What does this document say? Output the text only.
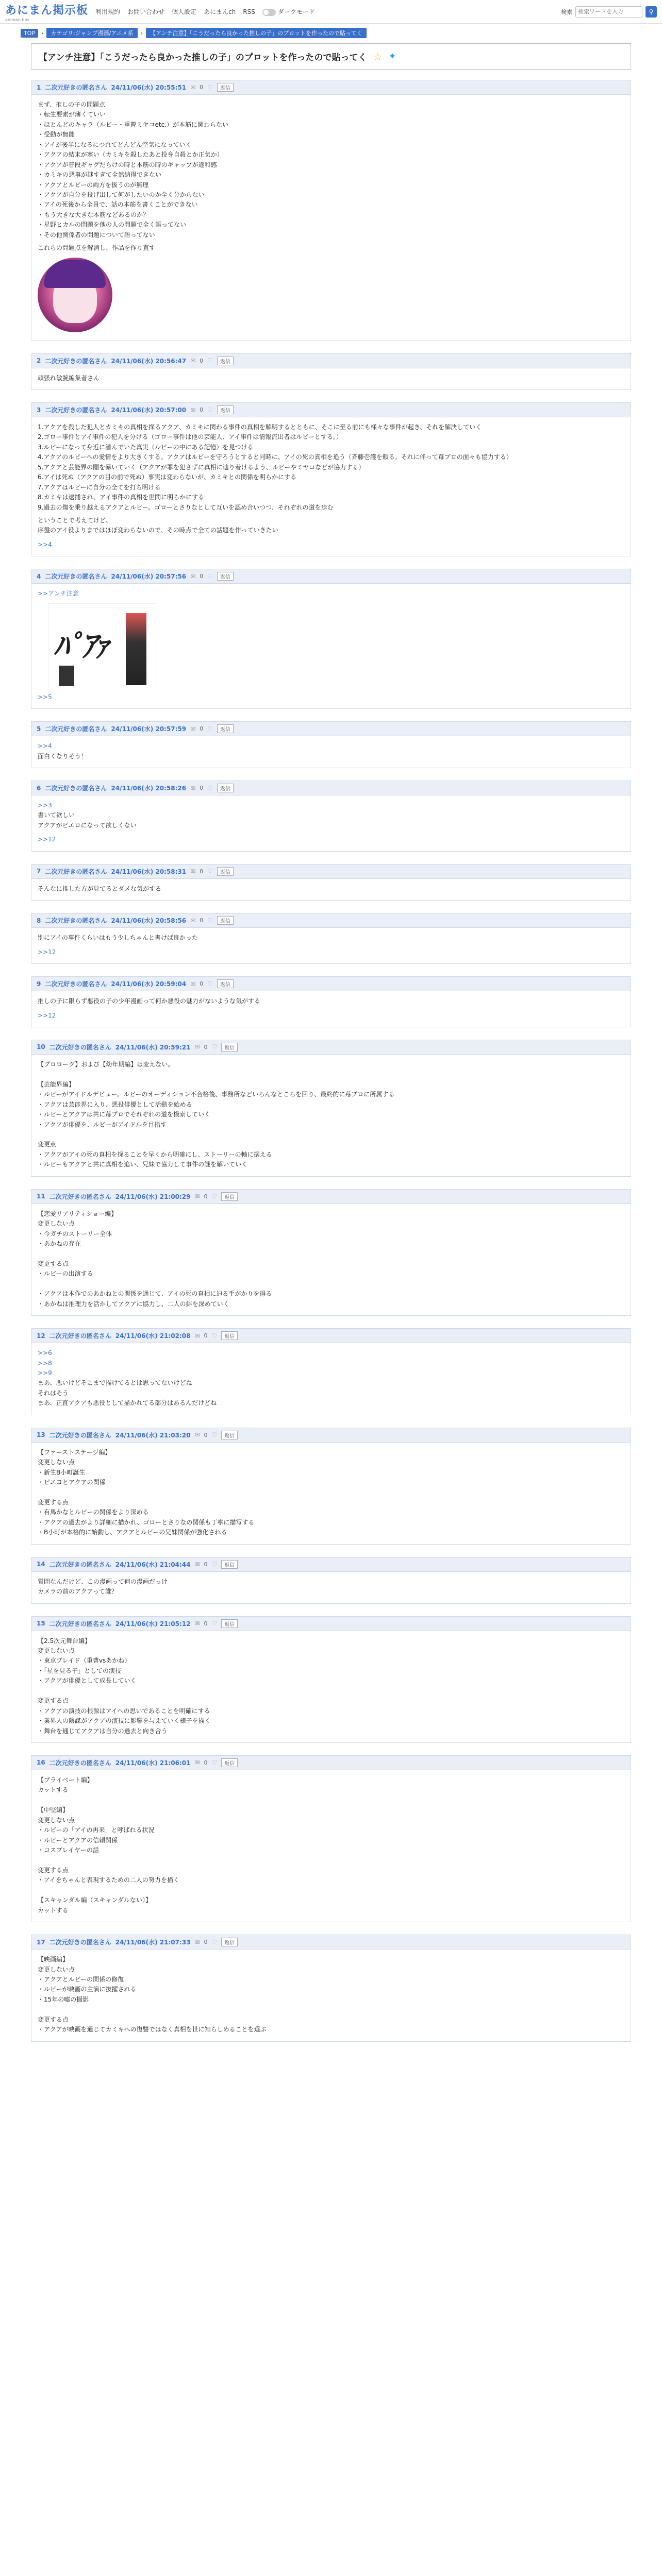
あにまん掲示板
animan bbs
利用規約 お問い合わせ 個人設定 あにまんch RSS	ダークモード	検索
検索ワードを入力	⚲
TOP	›	カテゴリ:ジャンプ漫画/アニメ系	›	【アンチ注意】「こうだったら良かった推しの子」のプロットを作ったので貼ってく
【アンチ注意】「こうだったら良かった推しの子」のプロットを作ったので貼ってく ☆ ✦
1 二次元好きの匿名さん 24/11/06(水) 20:55:51 ✉ 0 ♡	返信
まず、推しの子の問題点
・転生要素が薄くていい
・ほとんどのキャラ（ルビー・重曹ミヤコetc.）が本筋に関わらない
・受動が無能
・アイが後半になるにつれてどんどん空気になっていく
・アクアの結末が寒い（カミキを殺したあと投身自殺とか正気か）
・アクアが普段ギャグだらけの時と本筋の時のギャップが違和感
・カミキの悪事が謎すぎて全然納得できない
・アクアとルビーの両方を扱うのが無理
・アクアが自分を投げ出して何がしたいのか全く分からない
・アイの死後から全員で、話の本筋を書くことができない
・もう大きな大きな本筋などあるのか？
・星野ヒカルの問題を他の人の問題で全く語ってない
・その他関係者の問題について語ってない
これらの問題点を解消し、作品を作り直す
2 二次元好きの匿名さん 24/11/06(水) 20:56:47 ✉ 0 ♡	返信
頑張れ敏腕編集者さん
3 二次元好きの匿名さん 24/11/06(水) 20:57:00 ✉ 0 ♡	返信
1.アクアを殺した犯人とカミキの真相を探るアクア、カミキに関わる事件の真相を解明するとともに、そこに至る前にも様々な事件が起き、それを解決していく
2.ゴロー事件とアイ事件の犯人を分ける（ゴロー事件は他の芸能人、アイ事件は情報流出者はルビーとする。）
3.ルビーになって身近に潜んでいた真実（ルビーの中にある記憶）を見つける
4.アクアのルビーへの愛情をより大きくする。アクアはルビーを守ろうとすると同時に、アイの死の真相を追う（斉藤壱護を頼る。それに伴って苺プロの面々も協力する）
5.アクアと芸能界の闇を暴いていく（アクアが罪を犯さずに真相に辿り着けるよう、ルビーやミヤコなどが協力する）
6.アイは死ぬ（アクアの目の前で死ぬ）事実は変わらないが、カミキとの関係を明らかにする
7.アクアはルビーに自分の全てを打ち明ける
8.カミキは逮捕され、アイ事件の真相を世間に明らかにする
9.過去の傷を乗り越えるアクアとルビー。ゴローとさりなとして互いを認め合いつつ、それぞれの道を歩む
ということで考えてけど、
序盤のアイ役よりまではほぼ変わらないので、その時点で全ての話題を作っていきたい
>>4
4 二次元好きの匿名さん 24/11/06(水) 20:57:56 ✉ 0 ♡	返信
>>アンチ注意
ﾊﾟｱｧ
>>5
5 二次元好きの匿名さん 24/11/06(水) 20:57:59 ✉ 0 ♡	返信
>>4
面白くなりそう！
6 二次元好きの匿名さん 24/11/06(水) 20:58:26 ✉ 0 ♡	返信
>>3
書いて欲しい
アクアがピエロになって欲しくない
>>12
7 二次元好きの匿名さん 24/11/06(水) 20:58:31 ✉ 0 ♡	返信
そんなに推した方が見てるとダメな気がする
8 二次元好きの匿名さん 24/11/06(水) 20:58:56 ✉ 0 ♡	返信
別にアイの事件くらいはもう少しちゃんと書けば良かった
>>12
9 二次元好きの匿名さん 24/11/06(水) 20:59:04 ✉ 0 ♡	返信
推しの子に限らず悪役の子の少年漫画って何か悪役の魅力がないような気がする
>>12
10 二次元好きの匿名さん 24/11/06(水) 20:59:21 ✉ 0 ♡	返信
【プロローグ】および【幼年期編】は変えない。

【芸能界編】
・ルビーがアイドルデビュー。ルビーのオーディション不合格後、事務所などいろんなところを回り、最終的に苺プロに所属する
・アクアは芸能界に入り、悪役俳優として活動を始める
・ルビーとアクアは共に苺プロでそれぞれの道を模索していく
・アクアが俳優を、ルビーがアイドルを目指す

変更点
・アクアがアイの死の真相を探ることを早くから明確にし、ストーリーの軸に据える
・ルビーもアクアと共に真相を追い、兄妹で協力して事件の謎を解いていく
11 二次元好きの匿名さん 24/11/06(水) 21:00:29 ✉ 0 ♡	返信
【恋愛リアリティショー編】
変更しない点
・今ガチのストーリー全体
・あかねの存在

変更する点
・ルビーの出演する

・アクアは本作でのあかねとの関係を通じて、アイの死の真相に迫る手がかりを得る
・あかねは推理力を活かしてアクアに協力し、二人の絆を深めていく
12 二次元好きの匿名さん 24/11/06(水) 21:02:08 ✉ 0 ♡	返信
>>6
>>8
>>9
まあ、悪いけどそこまで描けてるとは思ってないけどね
それはそう
まあ、正直アクアも悪役として描かれてる部分はあるんだけどね
13 二次元好きの匿名さん 24/11/06(水) 21:03:20 ✉ 0 ♡	返信
【ファーストステージ編】
変更しない点
・新生B小町誕生
・ピエヨとアクアの関係

変更する点
・有馬かなとルビーの関係をより深める
・アクアの過去がより詳細に描かれ、ゴローとさりなの関係も丁寧に描写する
・B小町が本格的に始動し、アクアとルビーの兄妹関係が強化される
14 二次元好きの匿名さん 24/11/06(水) 21:04:44 ✉ 0 ♡	返信
質問なんだけど、この漫画って何の漫画だっけ
カメラの前のアクアって誰？
15 二次元好きの匿名さん 24/11/06(水) 21:05:12 ✉ 0 ♡	返信
【2.5次元舞台編】
変更しない点
・東京ブレイド（重曹vsあかね）
・「星を見る子」としての演技
・アクアが俳優として成長していく

変更する点
・アクアの演技の根源はアイへの思いであることを明確にする
・業界人の陰謀がアクアの演技に影響を与えていく様子を描く
・舞台を通じてアクアは自分の過去と向き合う
16 二次元好きの匿名さん 24/11/06(水) 21:06:01 ✉ 0 ♡	返信
【プライベート編】
カットする

【中堅編】
変更しない点
・ルビーの「アイの再来」と呼ばれる状況
・ルビーとアクアの信頼関係
・コスプレイヤーの話

変更する点
・アイをちゃんと表現するための二人の努力を描く

【スキャンダル編（スキャンダルない）】
カットする
17 二次元好きの匿名さん 24/11/06(水) 21:07:33 ✉ 0 ♡	返信
【映画編】
変更しない点
・アクアとルビーの関係の修復
・ルビーが映画の主演に抜擢される
・15年の嘘の撮影

変更する点
・アクアが映画を通じてカミキへの復讐ではなく真相を世に知らしめることを選ぶ
